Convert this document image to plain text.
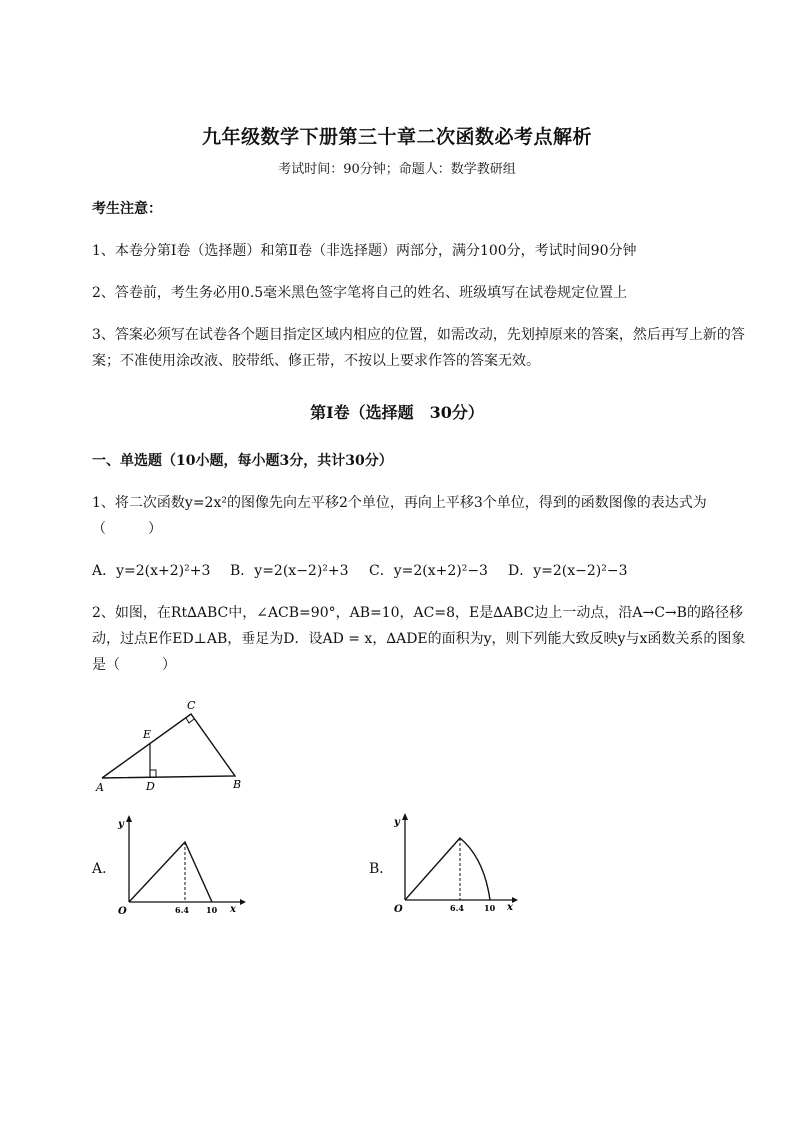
九年级数学下册第三十章二次函数必考点解析
考试时间：90分钟；命题人：数学教研组
考生注意：
1、本卷分第I卷（选择题）和第Ⅱ卷（非选择题）两部分，满分100分，考试时间90分钟
2、答卷前，考生务必用0.5毫米黑色签字笔将自己的姓名、班级填写在试卷规定位置上
3、答案必须写在试卷各个题目指定区域内相应的位置，如需改动，先划掉原来的答案，然后再写上新的答案；不准使用涂改液、胶带纸、修正带，不按以上要求作答的答案无效。
第I卷（选择题　30分）
一、单选题（10小题，每小题3分，共计30分）
1、将二次函数y=2x²的图像先向左平移2个单位，再向上平移3个单位，得到的函数图像的表达式为（　　　）
A．y=2(x+2)²+3 B．y=2(x−2)²+3 C．y=2(x+2)²−3 D．y=2(x−2)²−3
2、如图，在Rt∆ABC中，∠ACB=90°，AB=10，AC=8，E是∆ABC边上一动点，沿A→C→B的路径移动，过点E作ED⊥AB，垂足为D．设AD = x，∆ADE的面积为y，则下列能大致反映y与x函数关系的图象是（　　　）
A	B
C
D
E
A．
y
x
O	6.4 10
B．
y
x
O	6.4	10
